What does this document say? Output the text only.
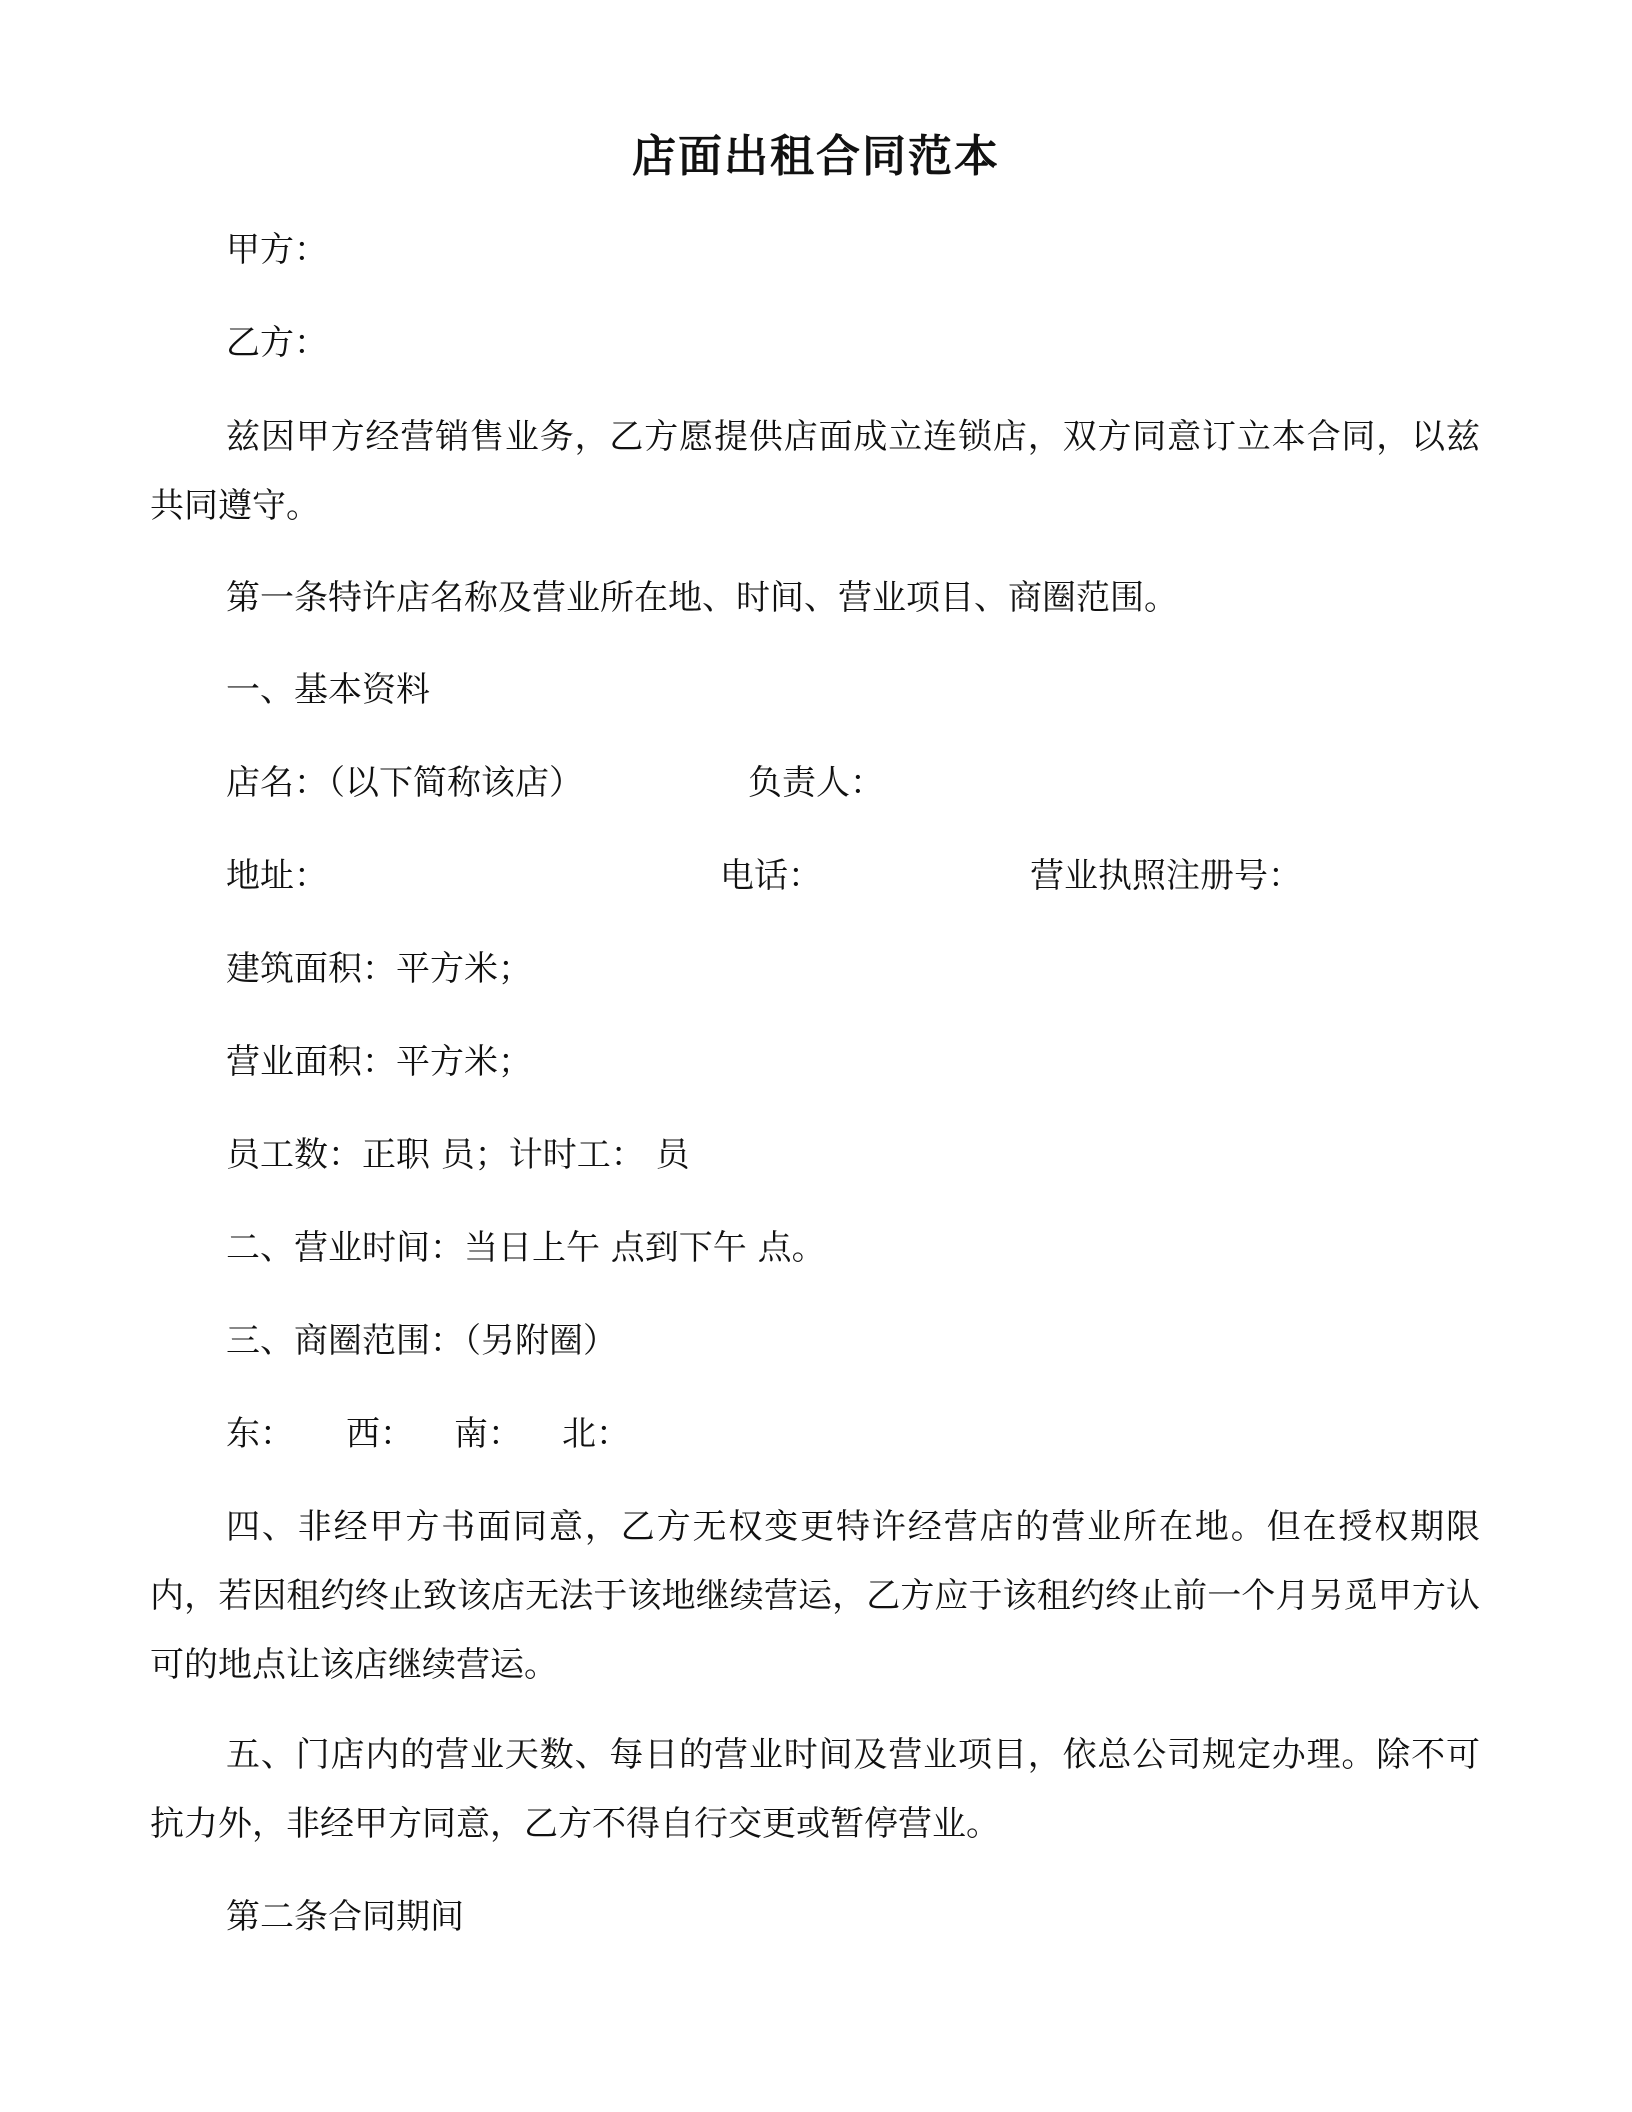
店面出租合同范本
甲方：
乙方：
兹因甲方经营销售业务，乙方愿提供店面成立连锁店，双方同意订立本合同，以兹共同遵守。
第一条特许店名称及营业所在地、时间、营业项目、商圈范围。
一、基本资料
店名：（以下简称该店）	负责人：
地址：	电话：	营业执照注册号：
建筑面积：平方米；
营业面积：平方米；
员工数：正职 员；计时工： 员
二、营业时间：当日上午 点到下午 点。
三、商圈范围：（另附圈）
东： 西： 南： 北：
四、非经甲方书面同意，乙方无权变更特许经营店的营业所在地。但在授权期限内，若因租约终止致该店无法于该地继续营运，乙方应于该租约终止前一个月另觅甲方认可的地点让该店继续营运。
五、门店内的营业天数、每日的营业时间及营业项目，依总公司规定办理。除不可抗力外，非经甲方同意，乙方不得自行交更或暂停营业。
第二条合同期间
